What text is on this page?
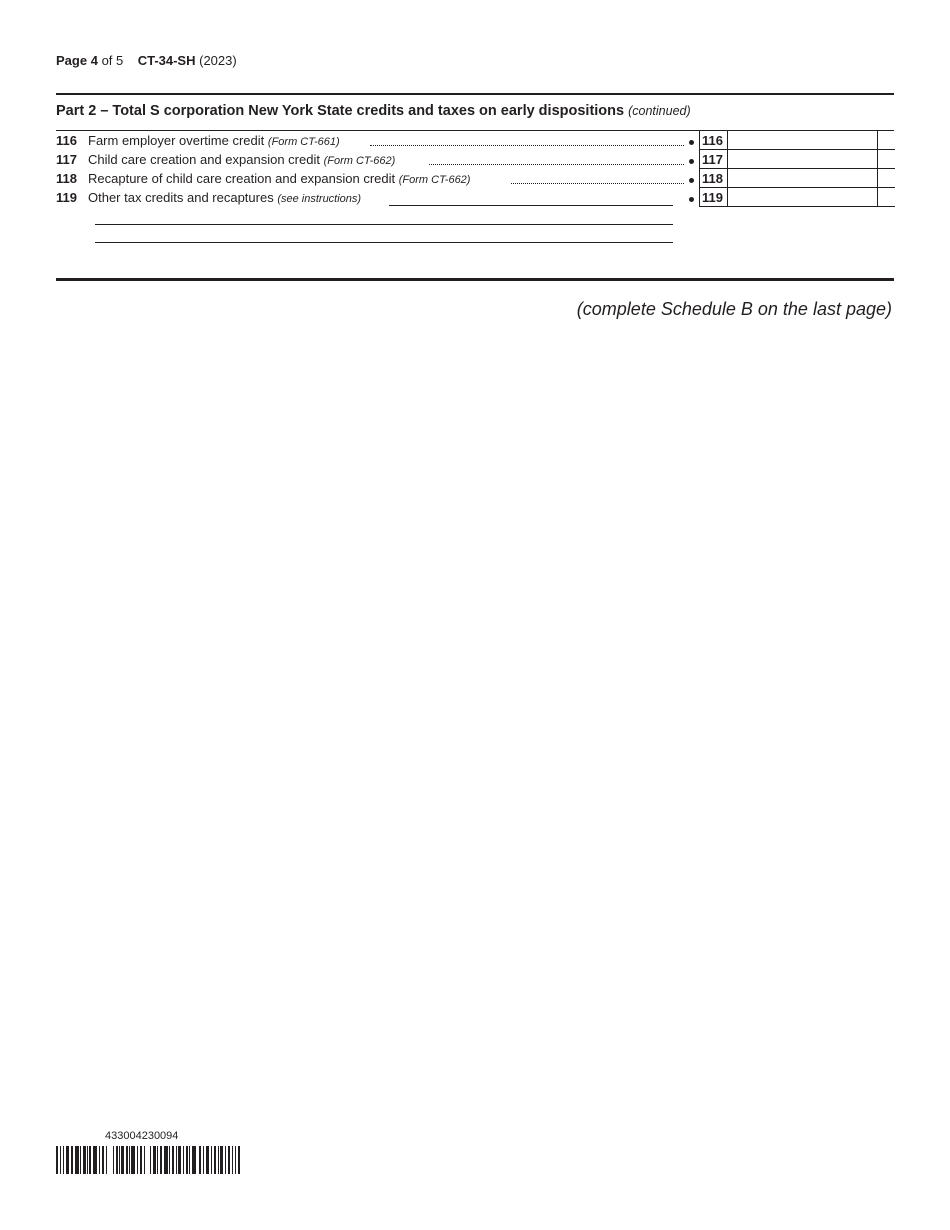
Page 4 of 5 CT-34-SH (2023)
Part 2 – Total S corporation New York State credits and taxes on early dispositions (continued)
116 Farm employer overtime credit (Form CT-661)	116
117 Child care creation and expansion credit (Form CT-662)	117
118 Recapture of child care creation and expansion credit (Form CT-662)	118
119 Other tax credits and recaptures (see instructions)	119
(complete Schedule B on the last page)
433004230094
